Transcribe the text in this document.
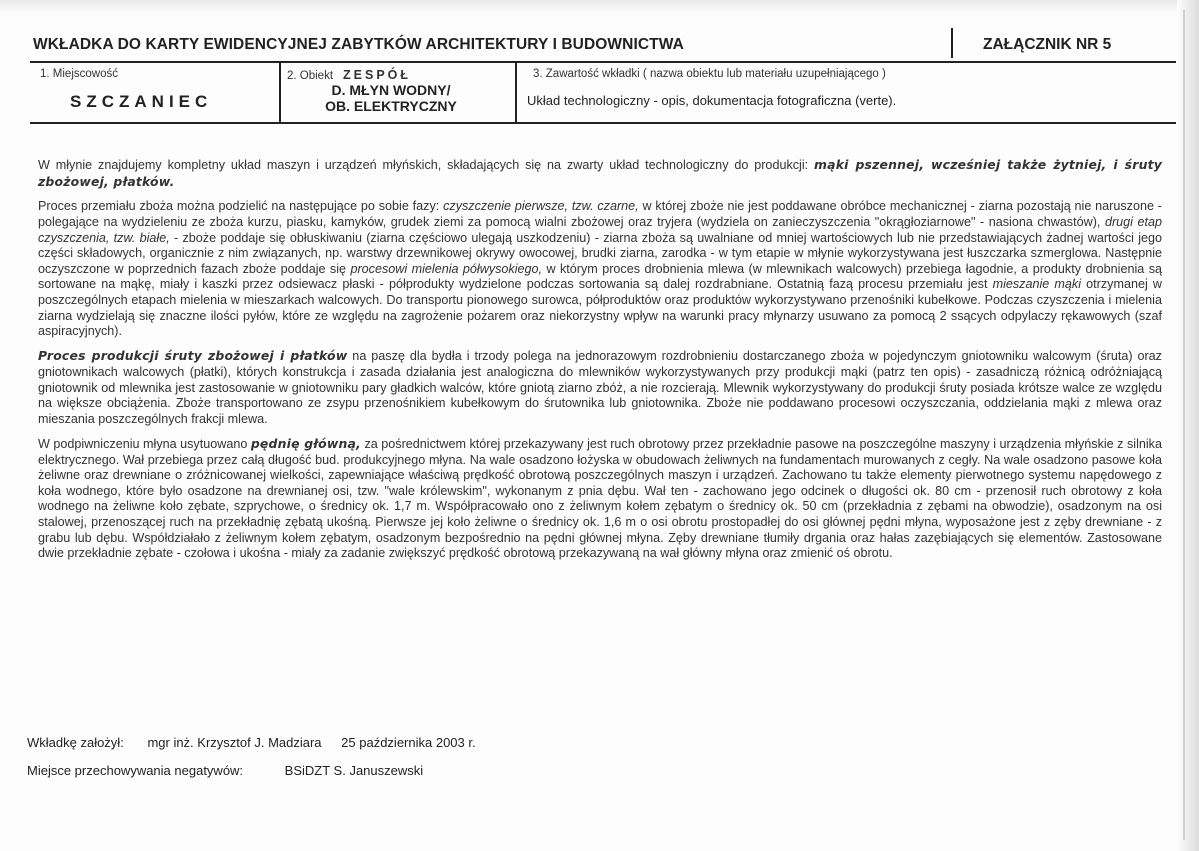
WKŁADKA DO KARTY EWIDENCYJNEJ ZABYTKÓW ARCHITEKTURY I BUDOWNICTWA	ZAŁĄCZNIK NR 5
1. Miejscowość
SZCZANIEC
2. Obiekt ZESPÓŁ
D. MŁYN WODNY/
OB. ELEKTRYCZNY
3. Zawartość wkładki ( nazwa obiektu lub materiału uzupełniającego )
Układ technologiczny - opis, dokumentacja fotograficzna (verte).

W młynie znajdujemy kompletny układ maszyn i urządzeń młyńskich, składających się na zwarty układ technologiczny do produkcji: mąki pszennej, wcześniej także żytniej, i śruty zbożowej, płatków.

Proces przemiału zboża można podzielić na następujące po sobie fazy: czyszczenie pierwsze, tzw. czarne, w której zboże nie jest poddawane obróbce mechanicznej - ziarna pozostają nie naruszone - polegające na wydzieleniu ze zboża kurzu, piasku, kamyków, grudek ziemi za pomocą wialni zbożowej oraz tryjera (wydziela on zanieczyszczenia "okrągłoziarnowe" - nasiona chwastów), drugi etap czyszczenia, tzw. białe, - zboże poddaje się obłuskiwaniu (ziarna częściowo ulegają uszkodzeniu) - ziarna zboża są uwalniane od mniej wartościowych lub nie przedstawiających żadnej wartości jego części składowych, organicznie z nim związanych, np. warstwy drzewnikowej okrywy owocowej, brudki ziarna, zarodka - w tym etapie w młynie wykorzystywana jest łuszczarka szmerglowa. Następnie oczyszczone w poprzednich fazach zboże poddaje się procesowi mielenia półwysokiego, w którym proces drobnienia mlewa (w mlewnikach walcowych) przebiega łagodnie, a produkty drobnienia są sortowane na mąkę, miały i kaszki przez odsiewacz płaski - półprodukty wydzielone podczas sortowania są dalej rozdrabniane. Ostatnią fazą procesu przemiału jest mieszanie mąki otrzymanej w poszczególnych etapach mielenia w mieszarkach walcowych. Do transportu pionowego surowca, półproduktów oraz produktów wykorzystywano przenośniki kubełkowe. Podczas czyszczenia i mielenia ziarna wydzielają się znaczne ilości pyłów, które ze względu na zagrożenie pożarem oraz niekorzystny wpływ na warunki pracy młynarzy usuwano za pomocą 2 ssących odpylaczy rękawowych (szaf aspiracyjnych).

Proces produkcji śruty zbożowej i płatków na paszę dla bydła i trzody polega na jednorazowym rozdrobnieniu dostarczanego zboża w pojedynczym gniotowniku walcowym (śruta) oraz gniotownikach walcowych (płatki), których konstrukcja i zasada działania jest analogiczna do mlewników wykorzystywanych przy produkcji mąki (patrz ten opis) - zasadniczą różnicą odróżniającą gniotownik od mlewnika jest zastosowanie w gniotowniku pary gładkich walców, które gniotą ziarno zbóż, a nie rozcierają. Mlewnik wykorzystywany do produkcji śruty posiada krótsze walce ze względu na większe obciążenia. Zboże transportowano ze zsypu przenośnikiem kubełkowym do śrutownika lub gniotownika. Zboże nie poddawano procesowi oczyszczania, oddzielania mąki z mlewa oraz mieszania poszczególnych frakcji mlewa.

W podpiwniczeniu młyna usytuowano pędnię główną, za pośrednictwem której przekazywany jest ruch obrotowy przez przekładnie pasowe na poszczególne maszyny i urządzenia młyńskie z silnika elektrycznego. Wał przebiega przez całą długość bud. produkcyjnego młyna. Na wale osadzono łożyska w obudowach żeliwnych na fundamentach murowanych z cegły. Na wale osadzono pasowe koła żeliwne oraz drewniane o zróżnicowanej wielkości, zapewniające właściwą prędkość obrotową poszczególnych maszyn i urządzeń. Zachowano tu także elementy pierwotnego systemu napędowego z koła wodnego, które było osadzone na drewnianej osi, tzw. "wale królewskim", wykonanym z pnia dębu. Wał ten - zachowano jego odcinek o długości ok. 80 cm - przenosił ruch obrotowy z koła wodnego na żeliwne koło zębate, szprychowe, o średnicy ok. 1,7 m. Współpracowało ono z żeliwnym kołem zębatym o średnicy ok. 50 cm (przekładnia z zębami na obwodzie), osadzonym na osi stalowej, przenoszącej ruch na przekładnię zębatą ukośną. Pierwsze jej koło żeliwne o średnicy ok. 1,6 m o osi obrotu prostopadłej do osi głównej pędni młyna, wyposażone jest z zęby drewniane - z grabu lub dębu. Współdziałało z żeliwnym kołem zębatym, osadzonym bezpośrednio na pędni głównej młyna. Zęby drewniane tłumiły drgania oraz hałas zazębiających się elementów. Zastosowane dwie przekładnie zębate - czołowa i ukośna - miały za zadanie zwiększyć prędkość obrotową przekazywaną na wał główny młyna oraz zmienić oś obrotu.

Wkładkę założył: mgr inż. Krzysztof J. Madziara 25 października 2003 r.
Miejsce przechowywania negatywów:	BSiDZT S. Januszewski
